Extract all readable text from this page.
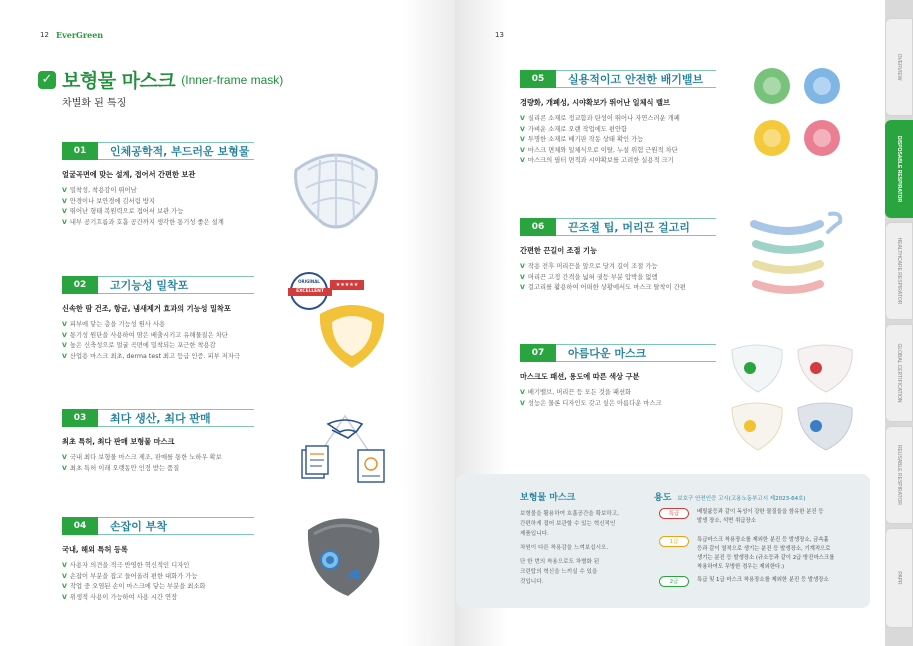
12 EverGreen
✓ 보형물 마스크 (Inner-frame mask)
차별화 된 특징
01	인체공학적, 부드러운 보형물
얼굴곡면에 맞는 설계, 접어서 간편한 보관
V 밀착성, 착용감이 뛰어남
V 안경이나 보안경에 김서림 방지
V 뛰어난 형태 복원력으로 접어서 보관 가능
V 내부 공기흐름과 호흡 공간까지 생각한 통기성 좋은 설계
02	고기능성 밀착포
신속한 땀 건조, 항균, 냄새제거 효과의 기능성 밀착포
V 피부에 닿는 층을 기능성 원사 사용
V 통기성 원단을 사용하여 땀은 배출시키고 유해물질은 차단
V 높은 신축성으로 얼굴 곡면에 밀착되는 포근한 착용감
V 산업용 마스크 최초, derma test 최고 등급 인증. 피부 저자극
03	최다 생산, 최다 판매
최초 특허, 최다 판매 보형물 마스크
V 국내 최다 보형물 마스크 제조, 판매를 통한 노하우 확보
V 최초 특허 이래 오랫동안 인정 받는 품질
04	손잡이 부착
국내, 해외 특허 등록
V 사용자 의견을 적극 반영한 혁신적인 디자인
V 손잡이 부분을 잡고 들어올려 편한 대화가 가능
V 작업 중 오염된 손이 마스크에 닿는 부분을 최소화
V 위생적 사용이 가능하여 사용 시간 연장
ORIGINAL
EXCELLENT
★★★★★
13
05	실용적이고 안전한 배기밸브
경량화, 개폐성, 시야확보가 뛰어난 일체식 밸브
V 실리콘 소재로 정교함과 탄성이 뛰어나 자연스러운 개폐
V 가벼운 소재로 오랜 작업에도 편안함
V 투명한 소재로 배기판 작동 상태 확인 가능
V 마스크 면체와 일체식으로 이탈, 누설 위험 근원적 차단
V 마스크의 필터 면적과 시야확보를 고려한 실용적 크기
06	끈조절 팁, 머리끈 걸고리
간편한 끈길이 조절 기능
V 작용 전후 머리끈을 앞으로 당겨 길이 조절 가능
V 머리끈 고정 간격을 넓혀 귓등 부분 압박을 없앰
V 걸고리를 활용하여 어떠한 상황에서도 마스크 탈착이 간편
07	아름다운 마스크
마스크도 패션, 용도에 따른 색상 구분
V 배기밸브, 머리끈 등 모든 것을 패션화
V 성능은 물론 디자인도 갖고 싶은 아름다운 마스크
보형물 마스크
보형물을 활용하여 호흡공간을 확보하고,
간편하게 접어 보관할 수 있는 혁신적인
제품입니다.
차원이 다른 착용감을 느껴보십시오.
단 한 번의 착용으로도 차별화 된
크린탑의 혁신을 느끼실 수 있을
것입니다.
용도 보호구 안전인증 고시(고용노동부고시 제2023-64호)
특급	베릴륨등과 같이 독성이 강한 물질들을 함유한 분진 등
발생 장소, 석면 취급장소
1급	특급마스크 착용장소를 제외한 분진 등 발생장소, 금속흄
등과 같이 열적으로 생기는 분진 등 발생장소, 기계적으로
생기는 분진 등 발생장소 (규소등과 같이 2급 방진마스크를
착용하여도 무방한 경우는 제외한다.)
2급	특급 및 1급 마스크 착용장소를 제외한 분진 등 발생장소
OVERVIEW
DISPOSABLE RESPIRATOR
HEALTHCARE RESPIRATOR
GLOBAL CERTIFICATION
REUSABLE RESPIRATOR
PAPR
